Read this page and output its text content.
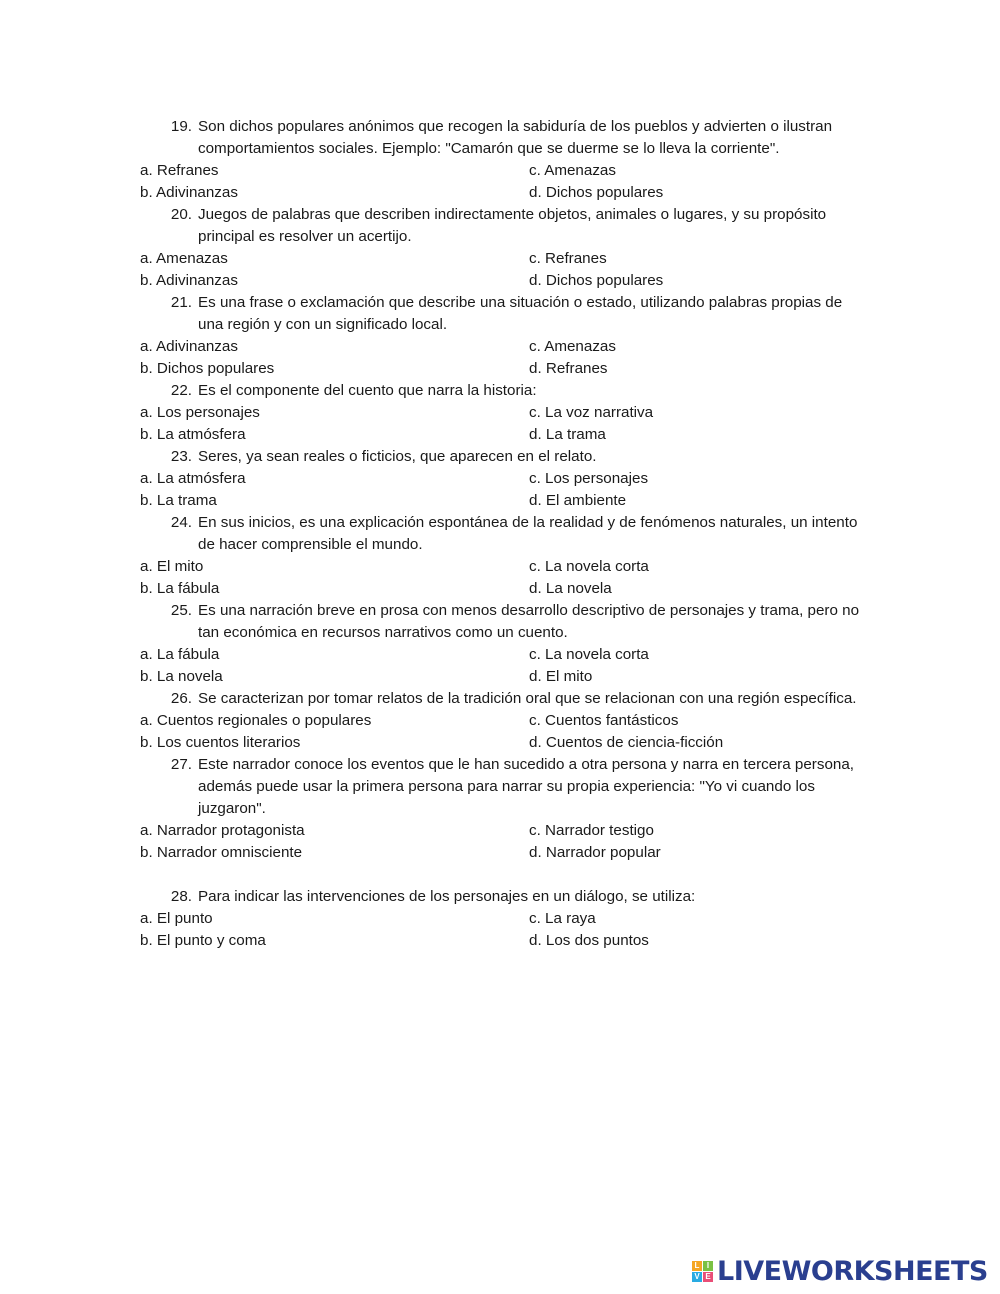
19. Son dichos populares anónimos que recogen la sabiduría de los pueblos y advierten o ilustran comportamientos sociales. Ejemplo: "Camarón que se duerme se lo lleva la corriente".
a. Refranes	c. Amenazas
b. Adivinanzas	d. Dichos populares
20. Juegos de palabras que describen indirectamente objetos, animales o lugares, y su propósito principal es resolver un acertijo.
a. Amenazas	c. Refranes
b. Adivinanzas	d. Dichos populares
21. Es una frase o exclamación que describe una situación o estado, utilizando palabras propias de una región y con un significado local.
a. Adivinanzas	c. Amenazas
b. Dichos populares	d. Refranes
22. Es el componente del cuento que narra la historia:
a. Los personajes	c. La voz narrativa
b. La atmósfera	d. La trama
23. Seres, ya sean reales o ficticios, que aparecen en el relato.
a. La atmósfera	c. Los personajes
b. La trama	d. El ambiente
24. En sus inicios, es una explicación espontánea de la realidad y de fenómenos naturales, un intento de hacer comprensible el mundo.
a. El mito	c. La novela corta
b. La fábula	d. La novela
25. Es una narración breve en prosa con menos desarrollo descriptivo de personajes y trama, pero no tan económica en recursos narrativos como un cuento.
a. La fábula	c. La novela corta
b. La novela	d. El mito
26. Se caracterizan por tomar relatos de la tradición oral que se relacionan con una región específica.
a. Cuentos regionales o populares	c. Cuentos fantásticos
b. Los cuentos literarios	d. Cuentos de ciencia-ficción
27. Este narrador conoce los eventos que le han sucedido a otra persona y narra en tercera persona, además puede usar la primera persona para narrar su propia experiencia: "Yo vi cuando los juzgaron".
a. Narrador protagonista	c. Narrador testigo
b. Narrador omnisciente	d. Narrador popular
28. Para indicar las intervenciones de los personajes en un diálogo, se utiliza:
a. El punto	c. La raya
b. El punto y coma	d. Los dos puntos
L I
V E LIVEWORKSHEETS
